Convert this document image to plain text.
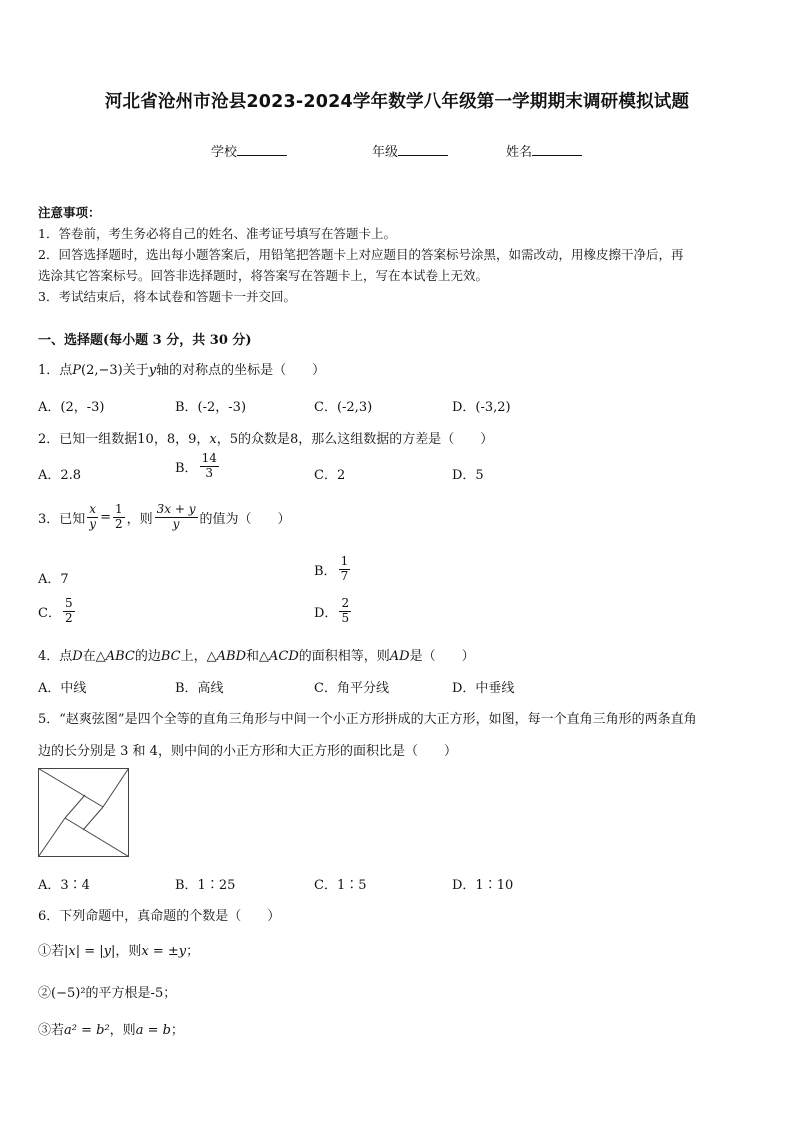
河北省沧州市沧县2023-2024学年数学八年级第一学期期末调研模拟试题
学校	年级	姓名
注意事项：
1．答卷前，考生务必将自己的姓名、准考证号填写在答题卡上。
2．回答选择题时，选出每小题答案后，用铅笔把答题卡上对应题目的答案标号涂黑，如需改动，用橡皮擦干净后，再
选涂其它答案标号。回答非选择题时，将答案写在答题卡上，写在本试卷上无效。
3．考试结束后，将本试卷和答题卡一并交回。
一、选择题(每小题 3 分，共 30 分)
1．点P(2,−3)关于y轴的对称点的坐标是（　　）
A．(2，-3)	B．(-2，-3)	C．(-2,3)	D．(-3,2)
2．已知一组数据10，8，9，x，5的众数是8，那么这组数据的方差是（　　）
A．2.8	B． $\frac{14}{3}$	C．2	D．5
3．已知 $\frac{x}{y} = \frac{1}{2}$ ，则 $\frac{3x + y}{y}$ 的值为（　　）
A．7
B． $\frac{1}{7}$
C． $\frac{5}{2}$	D． $\frac{2}{5}$
4．点D在△ABC的边BC上，△ABD和△ACD的面积相等，则AD是（　　）
A．中线	B．高线	C．角平分线	D．中垂线
5．“赵爽弦图”是四个全等的直角三角形与中间一个小正方形拼成的大正方形，如图，每一个直角三角形的两条直角
边的长分别是 3 和 4，则中间的小正方形和大正方形的面积比是（　　）
A．3∶4	B．1∶25	C．1∶5	D．1∶10
6．下列命题中，真命题的个数是（　　）
①若|x| = |y|，则x = ±y；
②(−5)²的平方根是-5；
③若a² = b²，则a = b；
